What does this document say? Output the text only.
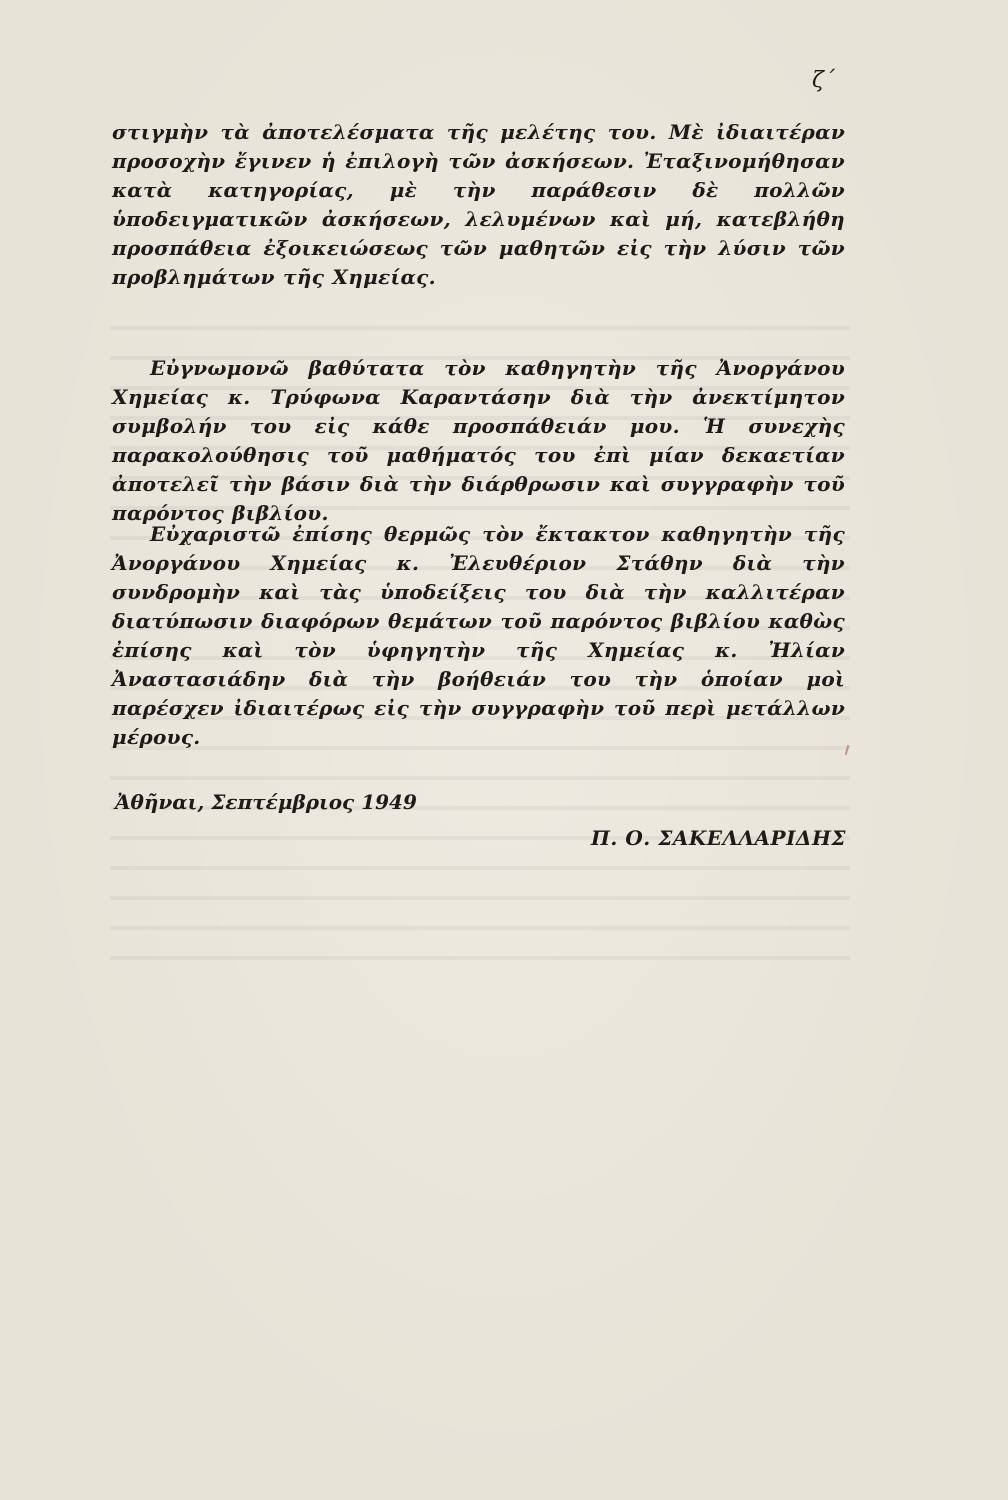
ζ΄

στιγμὴν τὰ ἀποτελέσματα τῆς μελέτης του. Μὲ ἰδιαιτέραν προσοχὴν ἔγινεν ἡ ἐπιλογὴ τῶν ἀσκήσεων. Ἐταξινομήθησαν κατὰ κατηγορίας, μὲ τὴν παράθεσιν δὲ πολλῶν ὑποδειγματικῶν ἀσκήσεων, λελυμένων καὶ μή, κατεβλήθη προσπάθεια ἐξοικειώσεως τῶν μαθητῶν εἰς τὴν λύσιν τῶν προβλημάτων τῆς Χημείας.

Εὐγνωμονῶ βαθύτατα τὸν καθηγητὴν τῆς Ἀνοργάνου Χημείας κ. Τρύφωνα Καραντάσην διὰ τὴν ἀνεκτίμητον συμβολήν του εἰς κάθε προσπάθειάν μου. Ἡ συνεχὴς παρακολούθησις τοῦ μαθήματός του ἐπὶ μίαν δεκαετίαν ἀποτελεῖ τὴν βάσιν διὰ τὴν διάρθρωσιν καὶ συγγραφὴν τοῦ παρόντος βιβλίου.

Εὐχαριστῶ ἐπίσης θερμῶς τὸν ἔκτακτον καθηγητὴν τῆς Ἀνοργάνου Χημείας κ. Ἐλευθέριον Στάθην διὰ τὴν συνδρομὴν καὶ τὰς ὑποδείξεις του διὰ τὴν καλλιτέραν διατύπωσιν διαφόρων θεμάτων τοῦ παρόντος βιβλίου καθὼς ἐπίσης καὶ τὸν ὑφηγητὴν τῆς Χημείας κ. Ἠλίαν Ἀναστασιάδην διὰ τὴν βοήθειάν του τὴν ὁποίαν μοὶ παρέσχεν ἰδιαιτέρως εἰς τὴν συγγραφὴν τοῦ περὶ μετάλλων μέρους.

Ἀθῆναι, Σεπτέμβριος 1949
Π. Ο. ΣΑΚΕΛΛΑΡΙΔΗΣ
